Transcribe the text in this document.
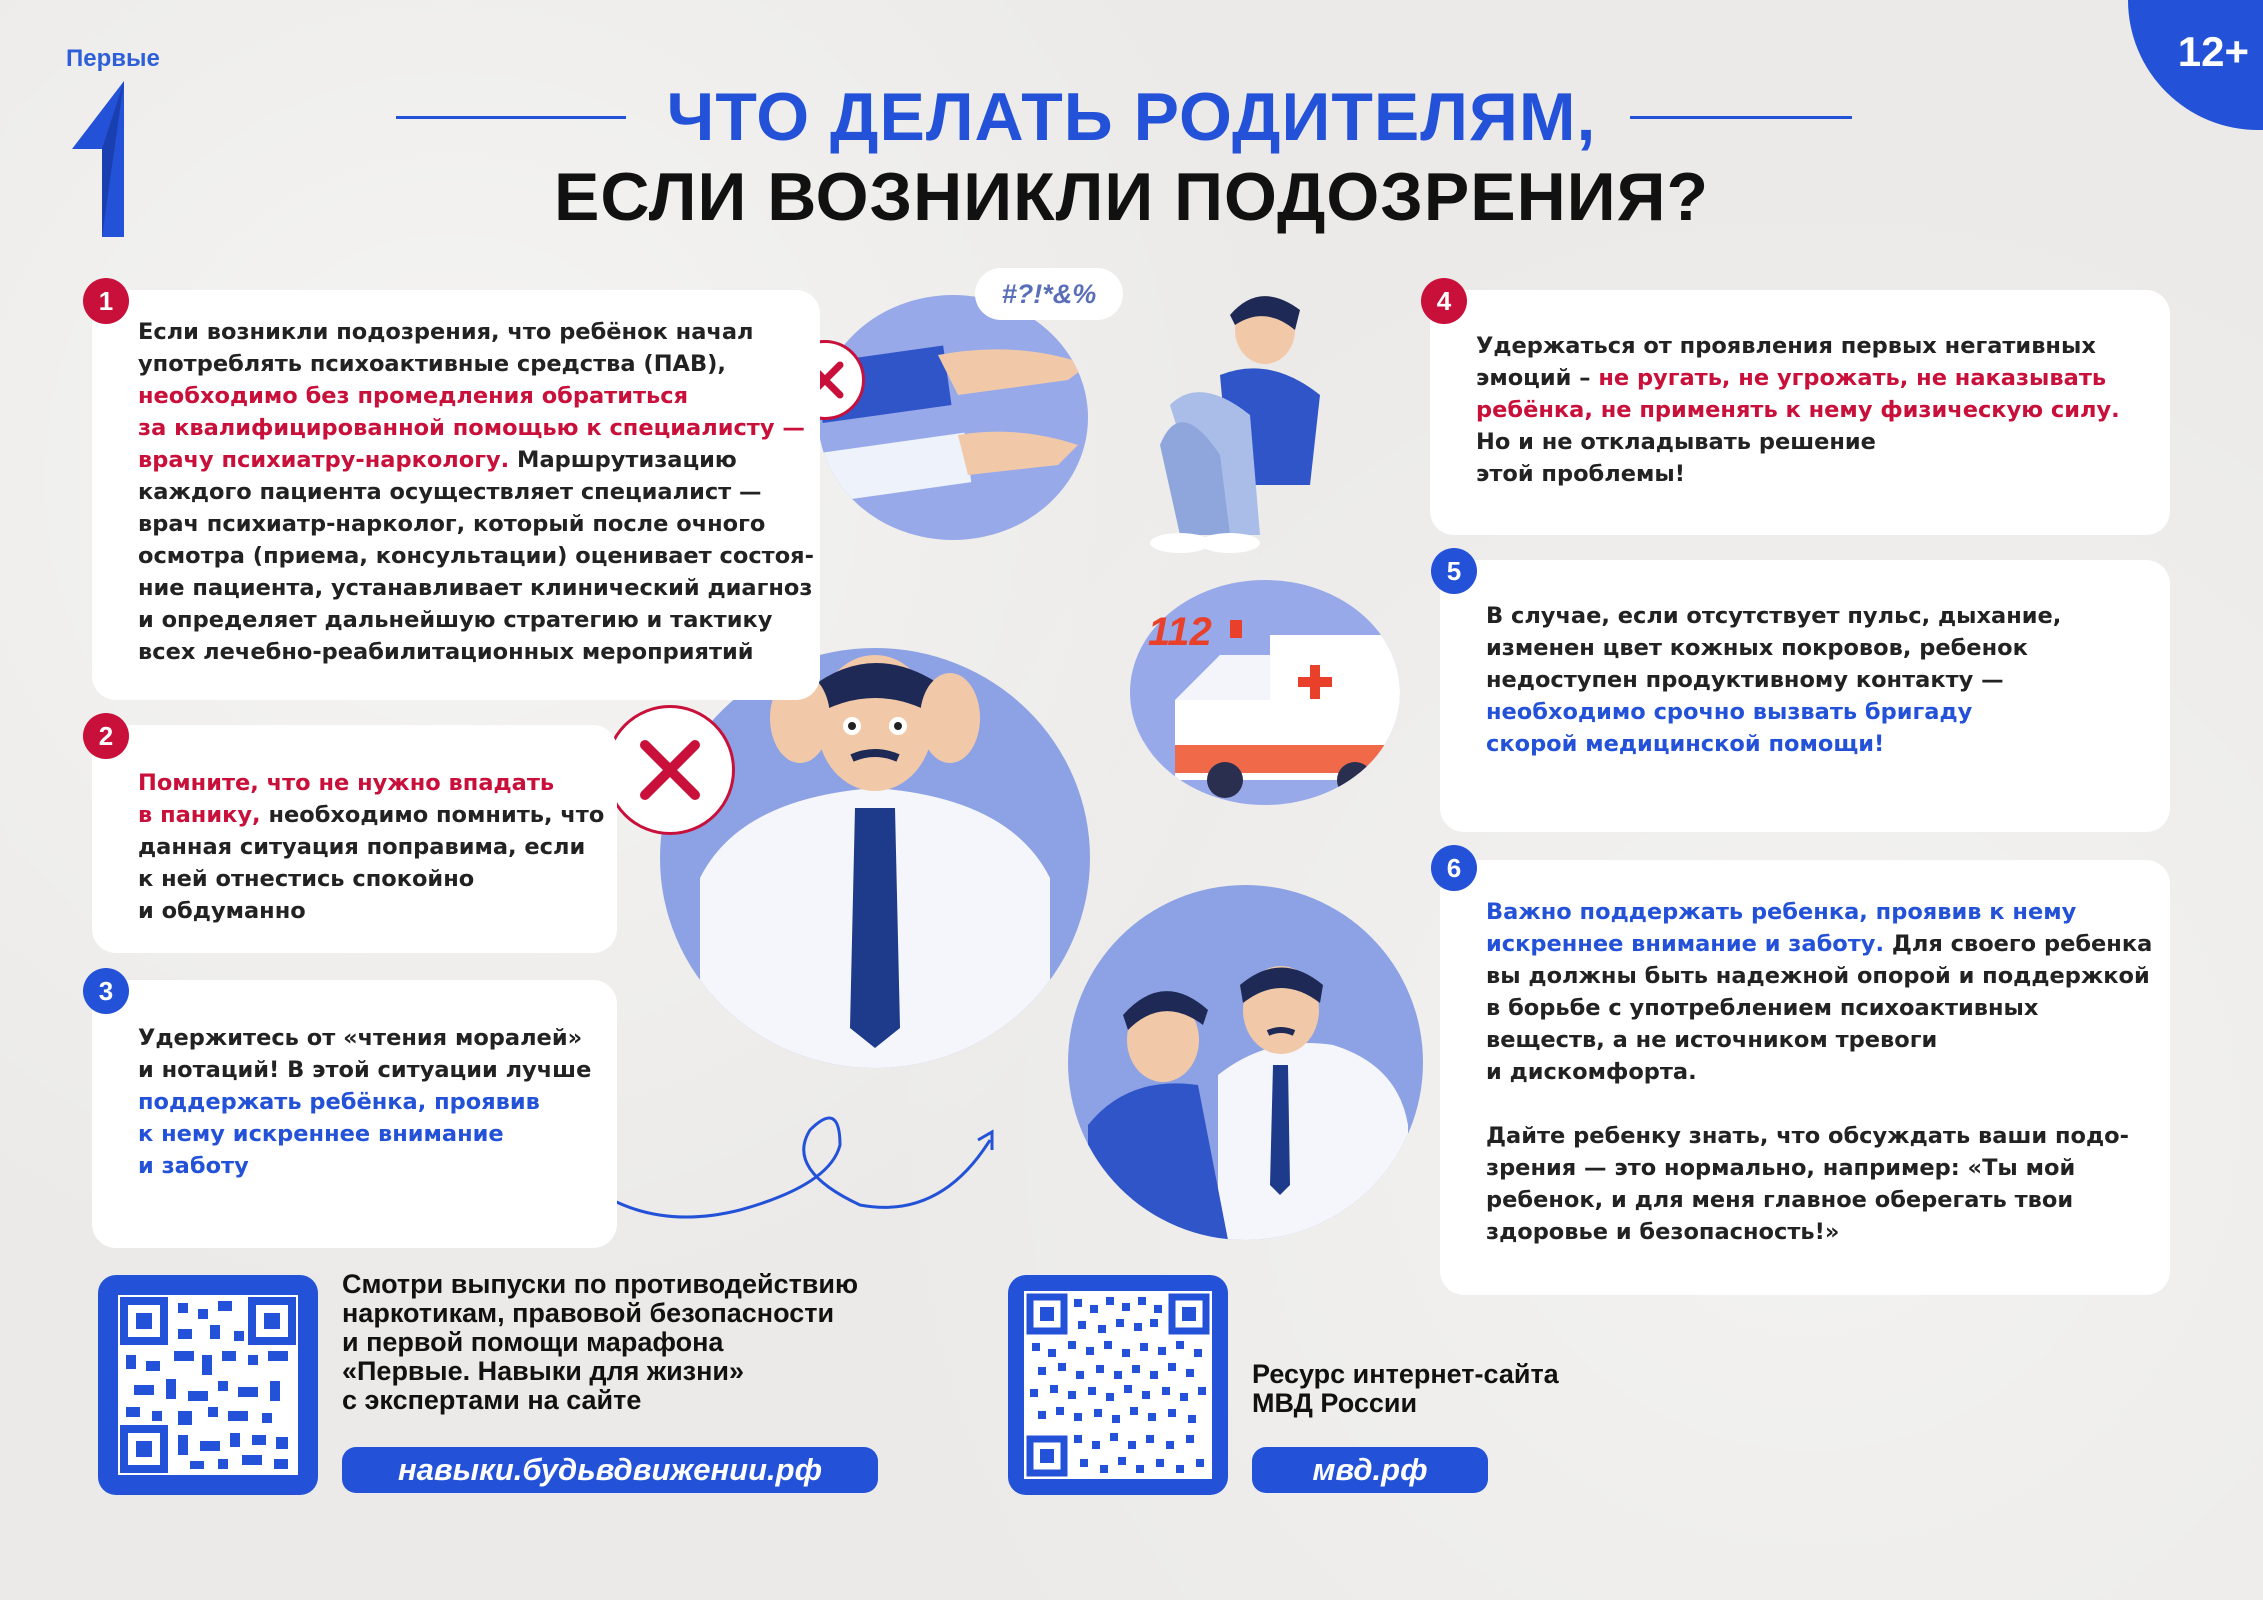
Первые	12+
ЧТО ДЕЛАТЬ РОДИТЕЛЯМ,
ЕСЛИ ВОЗНИКЛИ ПОДОЗРЕНИЯ?
#?!*&%
112
Если возникли подозрения, что ребёнок начал
употреблять психоактивные средства (ПАВ),
необходимо без промедления обратиться
за квалифицированной помощью к специалисту —
врачу психиатру-наркологу. Маршрутизацию
каждого пациента осуществляет специалист —
врач психиатр-нарколог, который после очного
осмотра (приема, консультации) оценивает состоя-
ние пациента, устанавливает клинический диагноз
и определяет дальнейшую стратегию и тактику
всех лечебно-реабилитационных мероприятий
1
Помните, что не нужно впадать
в панику, необходимо помнить, что
данная ситуация поправима, если
к ней отнестись спокойно
и обдуманно
2
Удержитесь от «чтения моралей»
и нотаций! В этой ситуации лучше
поддержать ребёнка, проявив
к нему искреннее внимание
и заботу
3
Удержаться от проявления первых негативных
эмоций – не ругать, не угрожать, не наказывать
ребёнка, не применять к нему физическую силу.
Но и не откладывать решение
этой проблемы!
4
В случае, если отсутствует пульс, дыхание,
изменен цвет кожных покровов, ребенок
недоступен продуктивному контакту —
необходимо срочно вызвать бригаду
скорой медицинской помощи!
5
Важно поддержать ребенка, проявив к нему
искреннее внимание и заботу. Для своего ребенка
вы должны быть надежной опорой и поддержкой
в борьбе с употреблением психоактивных
веществ, а не источником тревоги
и дискомфорта.
Дайте ребенку знать, что обсуждать ваши подо-
зрения — это нормально, например: «Ты мой
ребенок, и для меня главное оберегать твои
здоровье и безопасность!»
6
Смотри выпуски по противодействию
наркотикам, правовой безопасности
и первой помощи марафона
«Первые. Навыки для жизни»
с экспертами на сайте
навыки.будьвдвижении.рф
Ресурс интернет-сайта
МВД России
мвд.рф
